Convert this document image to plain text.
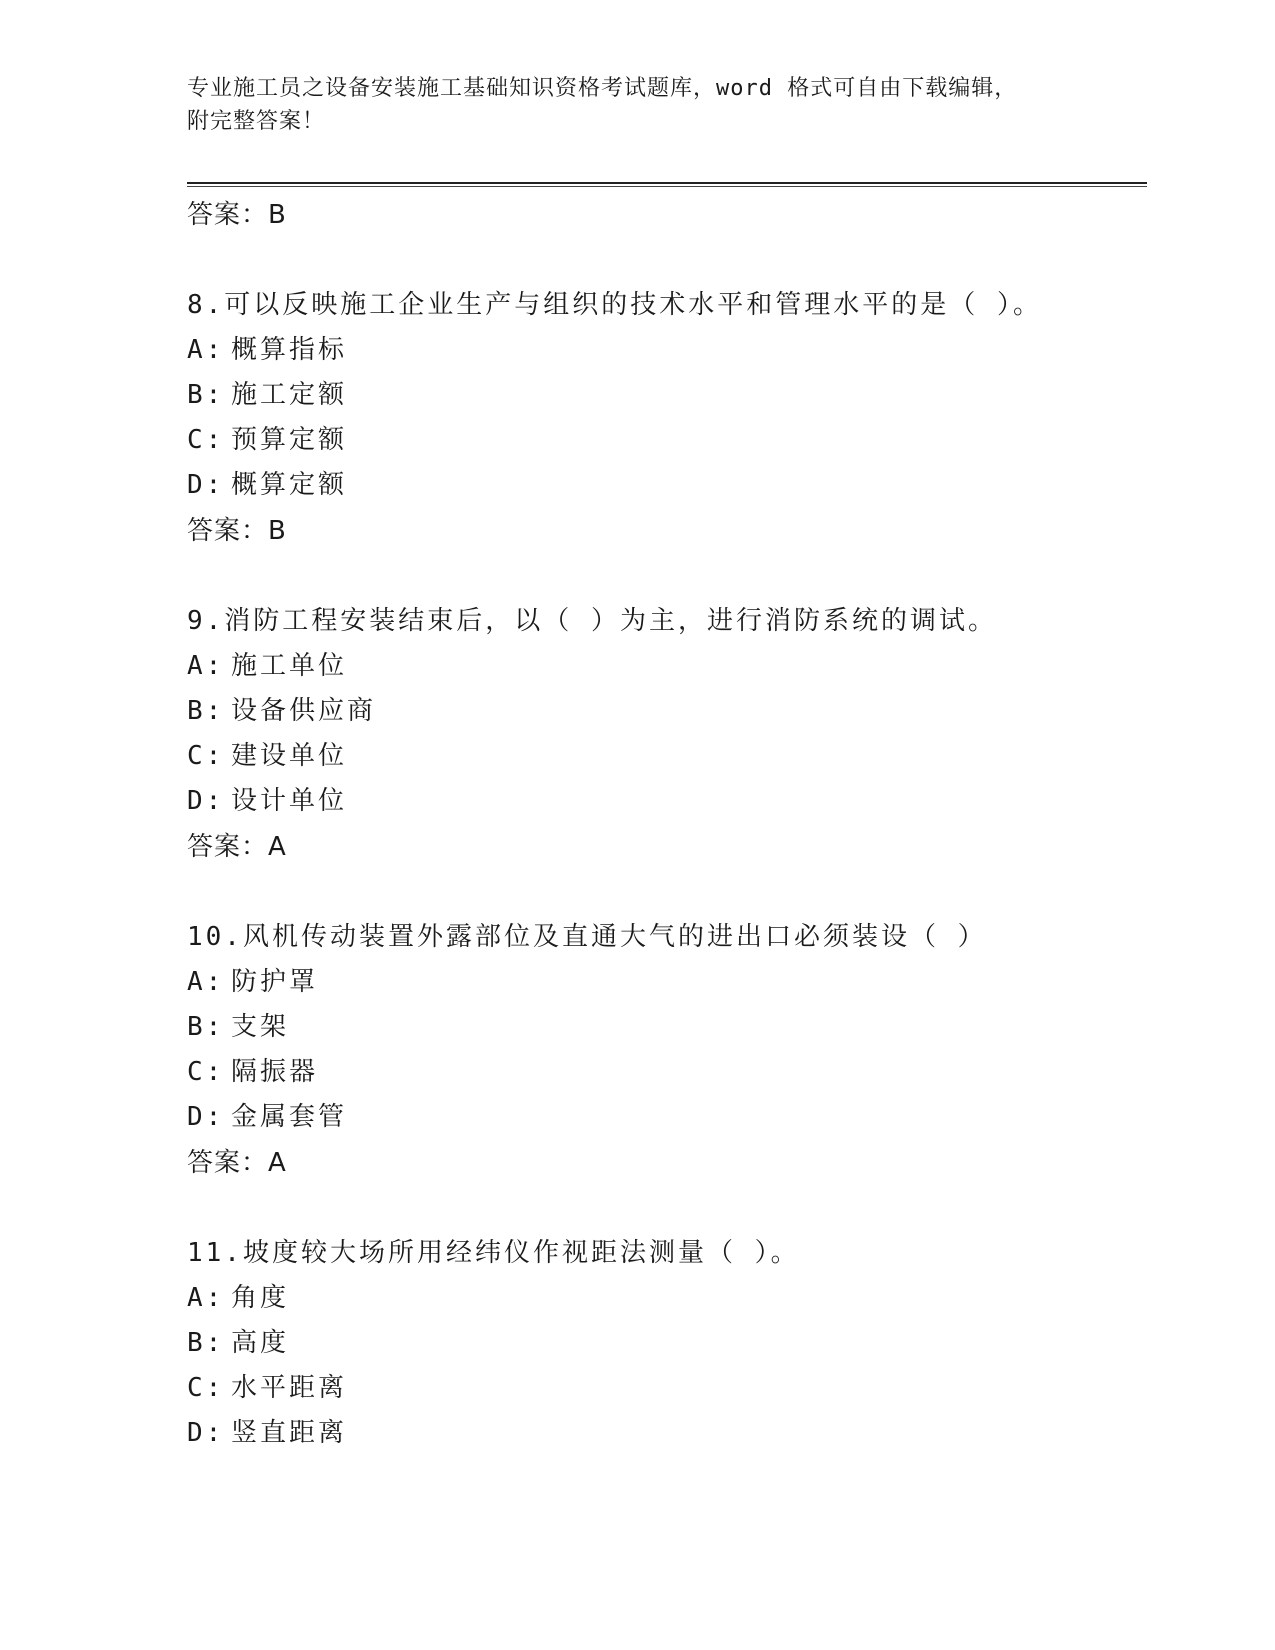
专业施工员之设备安装施工基础知识资格考试题库，word 格式可自由下载编辑，
附完整答案！

答案：B

8.可以反映施工企业生产与组织的技术水平和管理水平的是（ ）。

A: 概算指标
B: 施工定额
C: 预算定额
D: 概算定额

答案：B

9.消防工程安装结束后，以（ ）为主，进行消防系统的调试。

A: 施工单位
B: 设备供应商
C: 建设单位
D: 设计单位

答案：A

10.风机传动装置外露部位及直通大气的进出口必须装设（ ）

A: 防护罩
B: 支架
C: 隔振器
D: 金属套管

答案：A

11.坡度较大场所用经纬仪作视距法测量（ ）。

A: 角度
B: 高度
C: 水平距离
D: 竖直距离
